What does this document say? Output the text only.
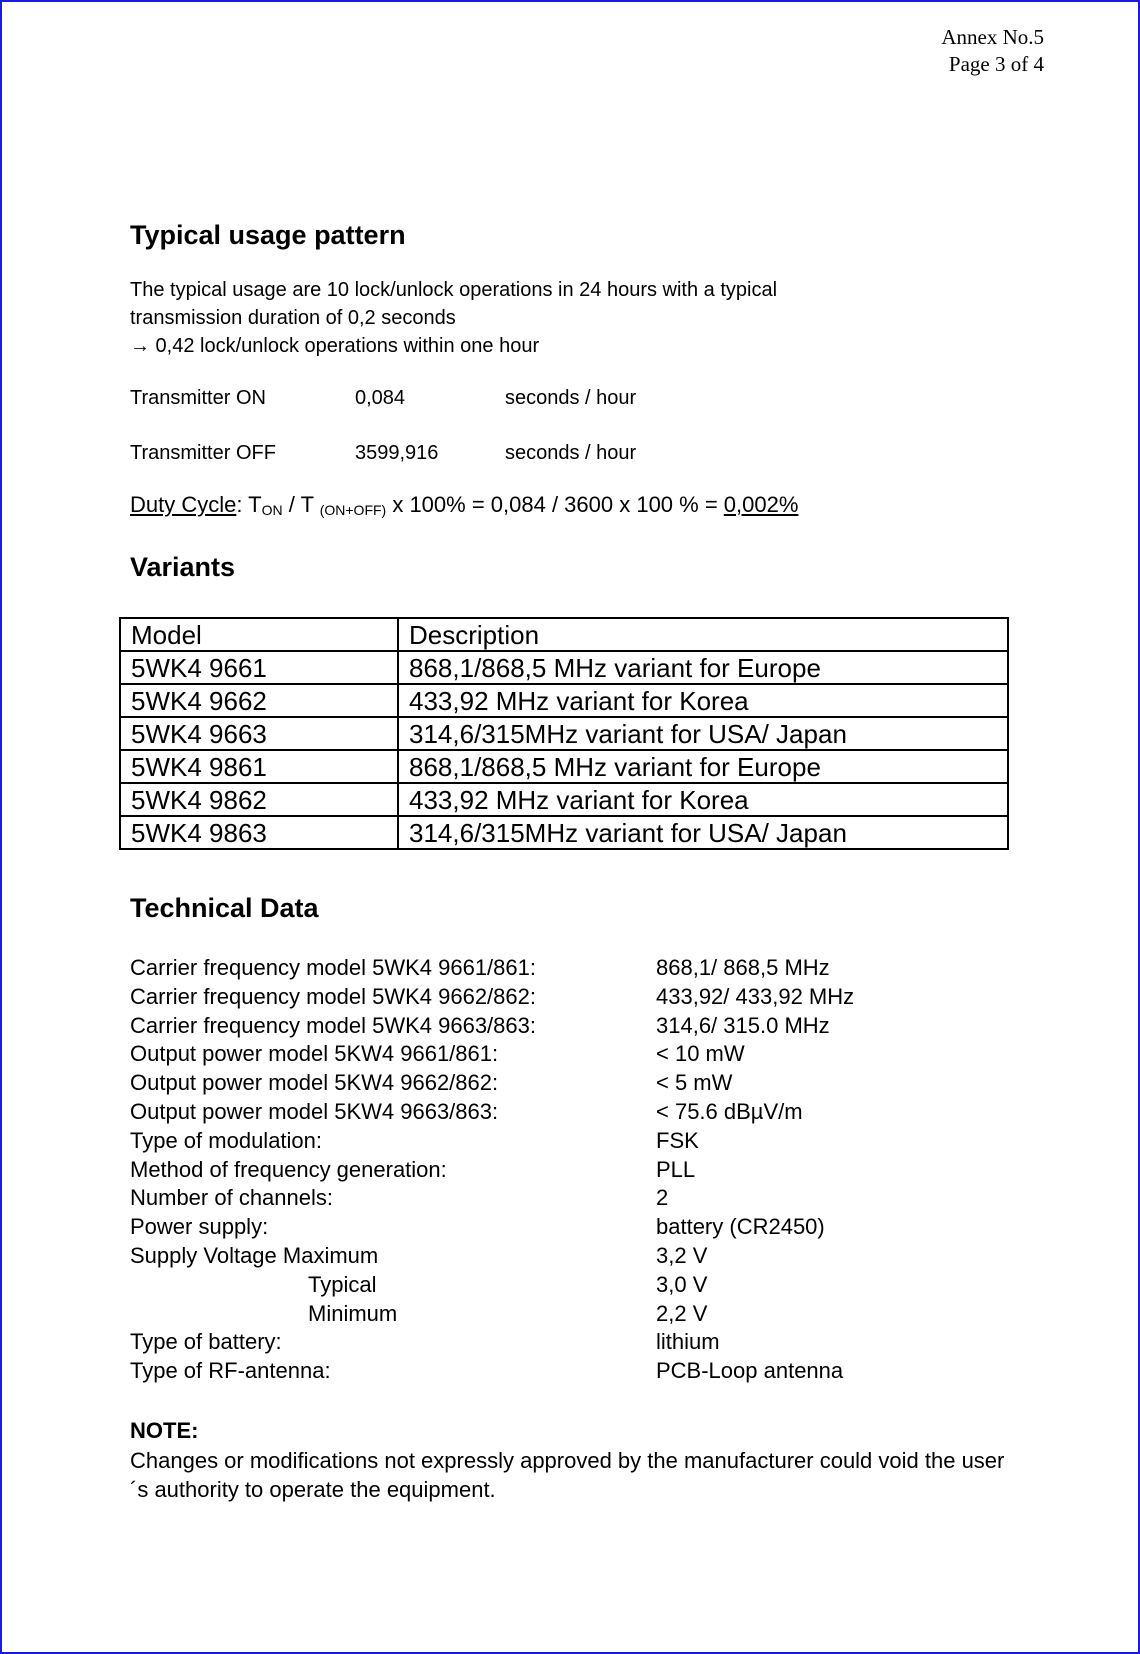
Annex No.5
Page 3 of 4
Typical usage pattern
The typical usage are 10 lock/unlock operations in 24 hours with a typical
transmission duration of 0,2 seconds
→ 0,42 lock/unlock operations within one hour
Transmitter ON	0,084	seconds / hour
Transmitter OFF	3599,916	seconds / hour
Duty Cycle: $T_{ON}$ / T $_{(ON+OFF)}$ x 100% = 0,084 / 3600 x 100 % = 0,002%
Variants
Model	Description
5WK4 9661	868,1/868,5 MHz variant for Europe
5WK4 9662	433,92 MHz variant for Korea
5WK4 9663	314,6/315MHz variant for USA/ Japan
5WK4 9861	868,1/868,5 MHz variant for Europe
5WK4 9862	433,92 MHz variant for Korea
5WK4 9863	314,6/315MHz variant for USA/ Japan
Technical Data
Carrier frequency model 5WK4 9661/861:	868,1/ 868,5 MHz
Carrier frequency model 5WK4 9662/862:	433,92/ 433,92 MHz
Carrier frequency model 5WK4 9663/863:	314,6/ 315.0 MHz
Output power model 5KW4 9661/861:	< 10 mW
Output power model 5KW4 9662/862:	< 5 mW
Output power model 5KW4 9663/863:	< 75.6 dBµV/m
Type of modulation:	FSK
Method of frequency generation:	PLL
Number of channels:	2
Power supply:	battery (CR2450)
Supply Voltage Maximum	3,2 V
Typical	3,0 V
Minimum	2,2 V
Type of battery:	lithium
Type of RF-antenna:	PCB-Loop antenna
NOTE:
Changes or modifications not expressly approved by the manufacturer could void the user´s authority to operate the equipment.
